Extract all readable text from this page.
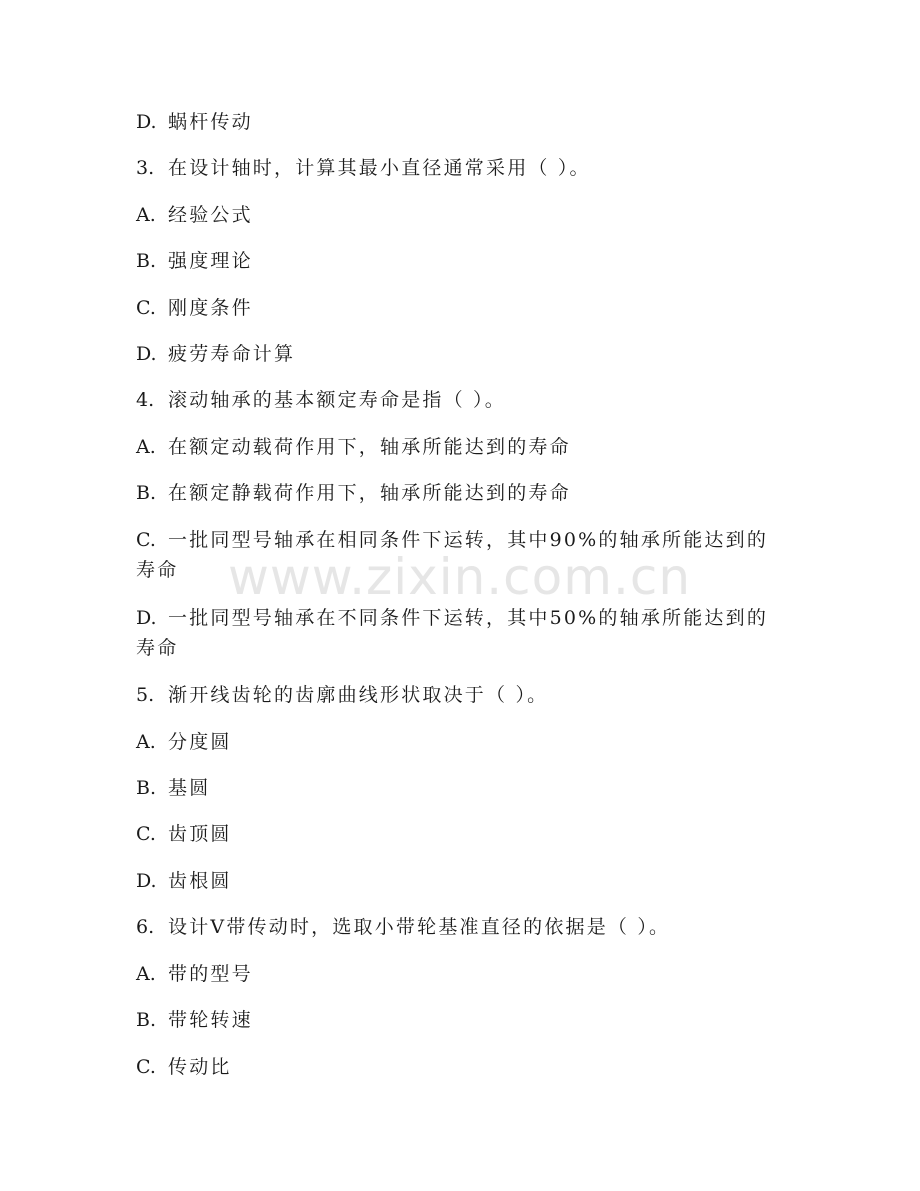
www.zixin.com.cn
D. 蜗杆传动
3. 在设计轴时，计算其最小直径通常采用（ ）。
A. 经验公式
B. 强度理论
C. 刚度条件
D. 疲劳寿命计算
4. 滚动轴承的基本额定寿命是指（ ）。
A. 在额定动载荷作用下，轴承所能达到的寿命
B. 在额定静载荷作用下，轴承所能达到的寿命
C. 一批同型号轴承在相同条件下运转，其中90%的轴承所能达到的寿命
D. 一批同型号轴承在不同条件下运转，其中50%的轴承所能达到的寿命
5. 渐开线齿轮的齿廓曲线形状取决于（ ）。
A. 分度圆
B. 基圆
C. 齿顶圆
D. 齿根圆
6. 设计V带传动时，选取小带轮基准直径的依据是（ ）。
A. 带的型号
B. 带轮转速
C. 传动比
